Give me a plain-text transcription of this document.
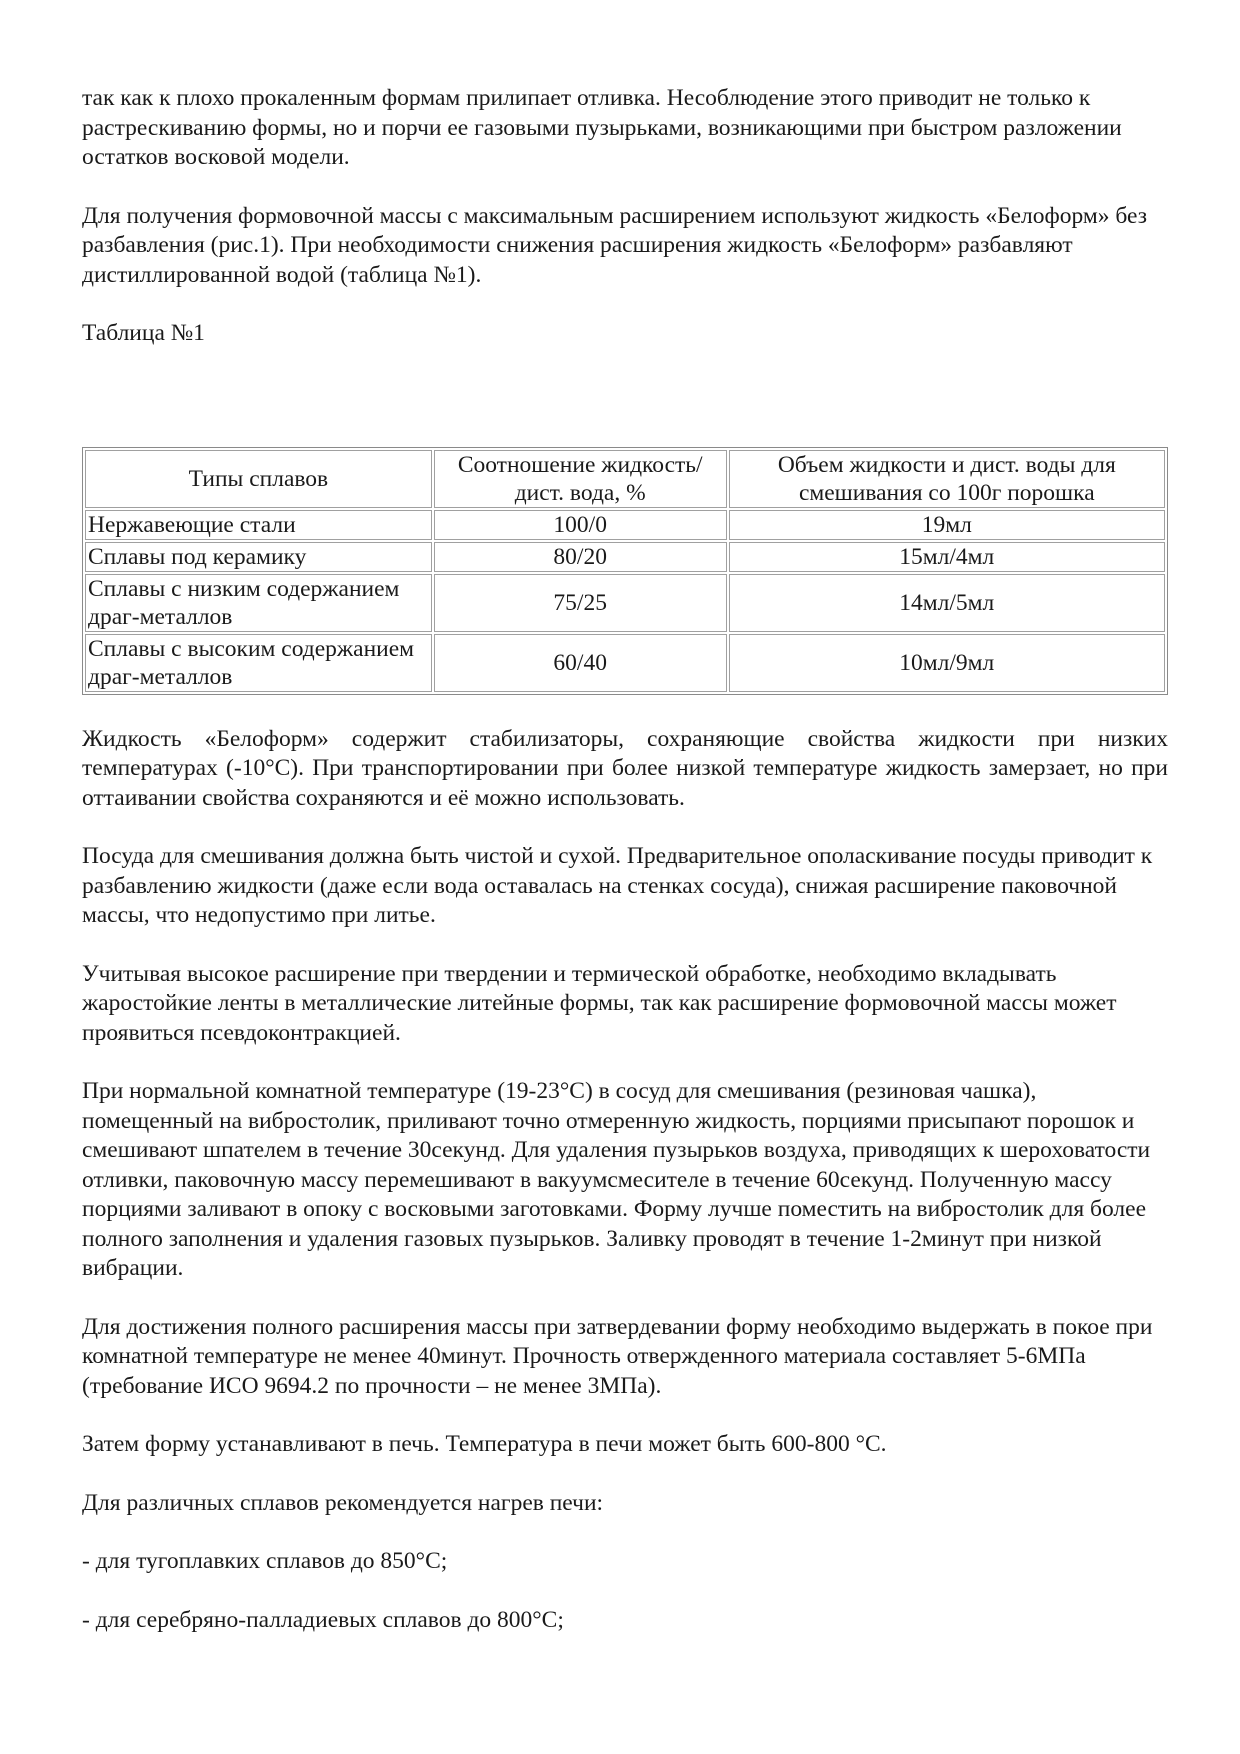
так как к плохо прокаленным формам прилипает отливка. Несоблюдение этого приводит не только к растрескиванию формы, но и порчи ее газовыми пузырьками, возникающими при быстром разложении остатков восковой модели.

Для получения формовочной массы с максимальным расширением используют жидкость «Белоформ» без разбавления (рис.1). При необходимости снижения расширения жидкость «Белоформ» разбавляют дистиллированной водой (таблица №1).

Таблица №1

Типы сплавов	Соотношение жидкость/дист. вода, %	Объем жидкости и дист. воды для смешивания со 100г порошка
Нержавеющие стали	100/0	19мл
Сплавы под керамику	80/20	15мл/4мл
Сплавы с низким содержанием драг-металлов	75/25	14мл/5мл
Сплавы с высоким содержанием драг-металлов	60/40	10мл/9мл

Жидкость «Белоформ» содержит стабилизаторы, сохраняющие свойства жидкости при низких температурах (-10°С). При транспортировании при более низкой температуре жидкость замерзает, но при оттаивании свойства сохраняются и её можно использовать.

Посуда для смешивания должна быть чистой и сухой. Предварительное ополаскивание посуды приводит к разбавлению жидкости (даже если вода оставалась на стенках сосуда), снижая расширение паковочной массы, что недопустимо при литье.

Учитывая высокое расширение при твердении и термической обработке, необходимо вкладывать жаростойкие ленты в металлические литейные формы, так как расширение формовочной массы может проявиться псевдоконтракцией.

При нормальной комнатной температуре (19-23°С) в сосуд для смешивания (резиновая чашка), помещенный на вибростолик, приливают точно отмеренную жидкость, порциями присыпают порошок и смешивают шпателем в течение 30секунд. Для удаления пузырьков воздуха, приводящих к шероховатости отливки, паковочную массу перемешивают в вакуумсмесителе в течение 60секунд. Полученную массу порциями заливают в опоку с восковыми заготовками. Форму лучше поместить на вибростолик для более полного заполнения и удаления газовых пузырьков. Заливку проводят в течение 1-2минут при низкой вибрации.

Для достижения полного расширения массы при затвердевании форму необходимо выдержать в покое при комнатной температуре не менее 40минут. Прочность отвержденного материала составляет 5-6МПа (требование ИСО 9694.2 по прочности – не менее 3МПа).

Затем форму устанавливают в печь. Температура в печи может быть 600-800 °С.

Для различных сплавов рекомендуется нагрев печи:

- для тугоплавких сплавов до 850°С;

- для серебряно-палладиевых сплавов до 800°С;
